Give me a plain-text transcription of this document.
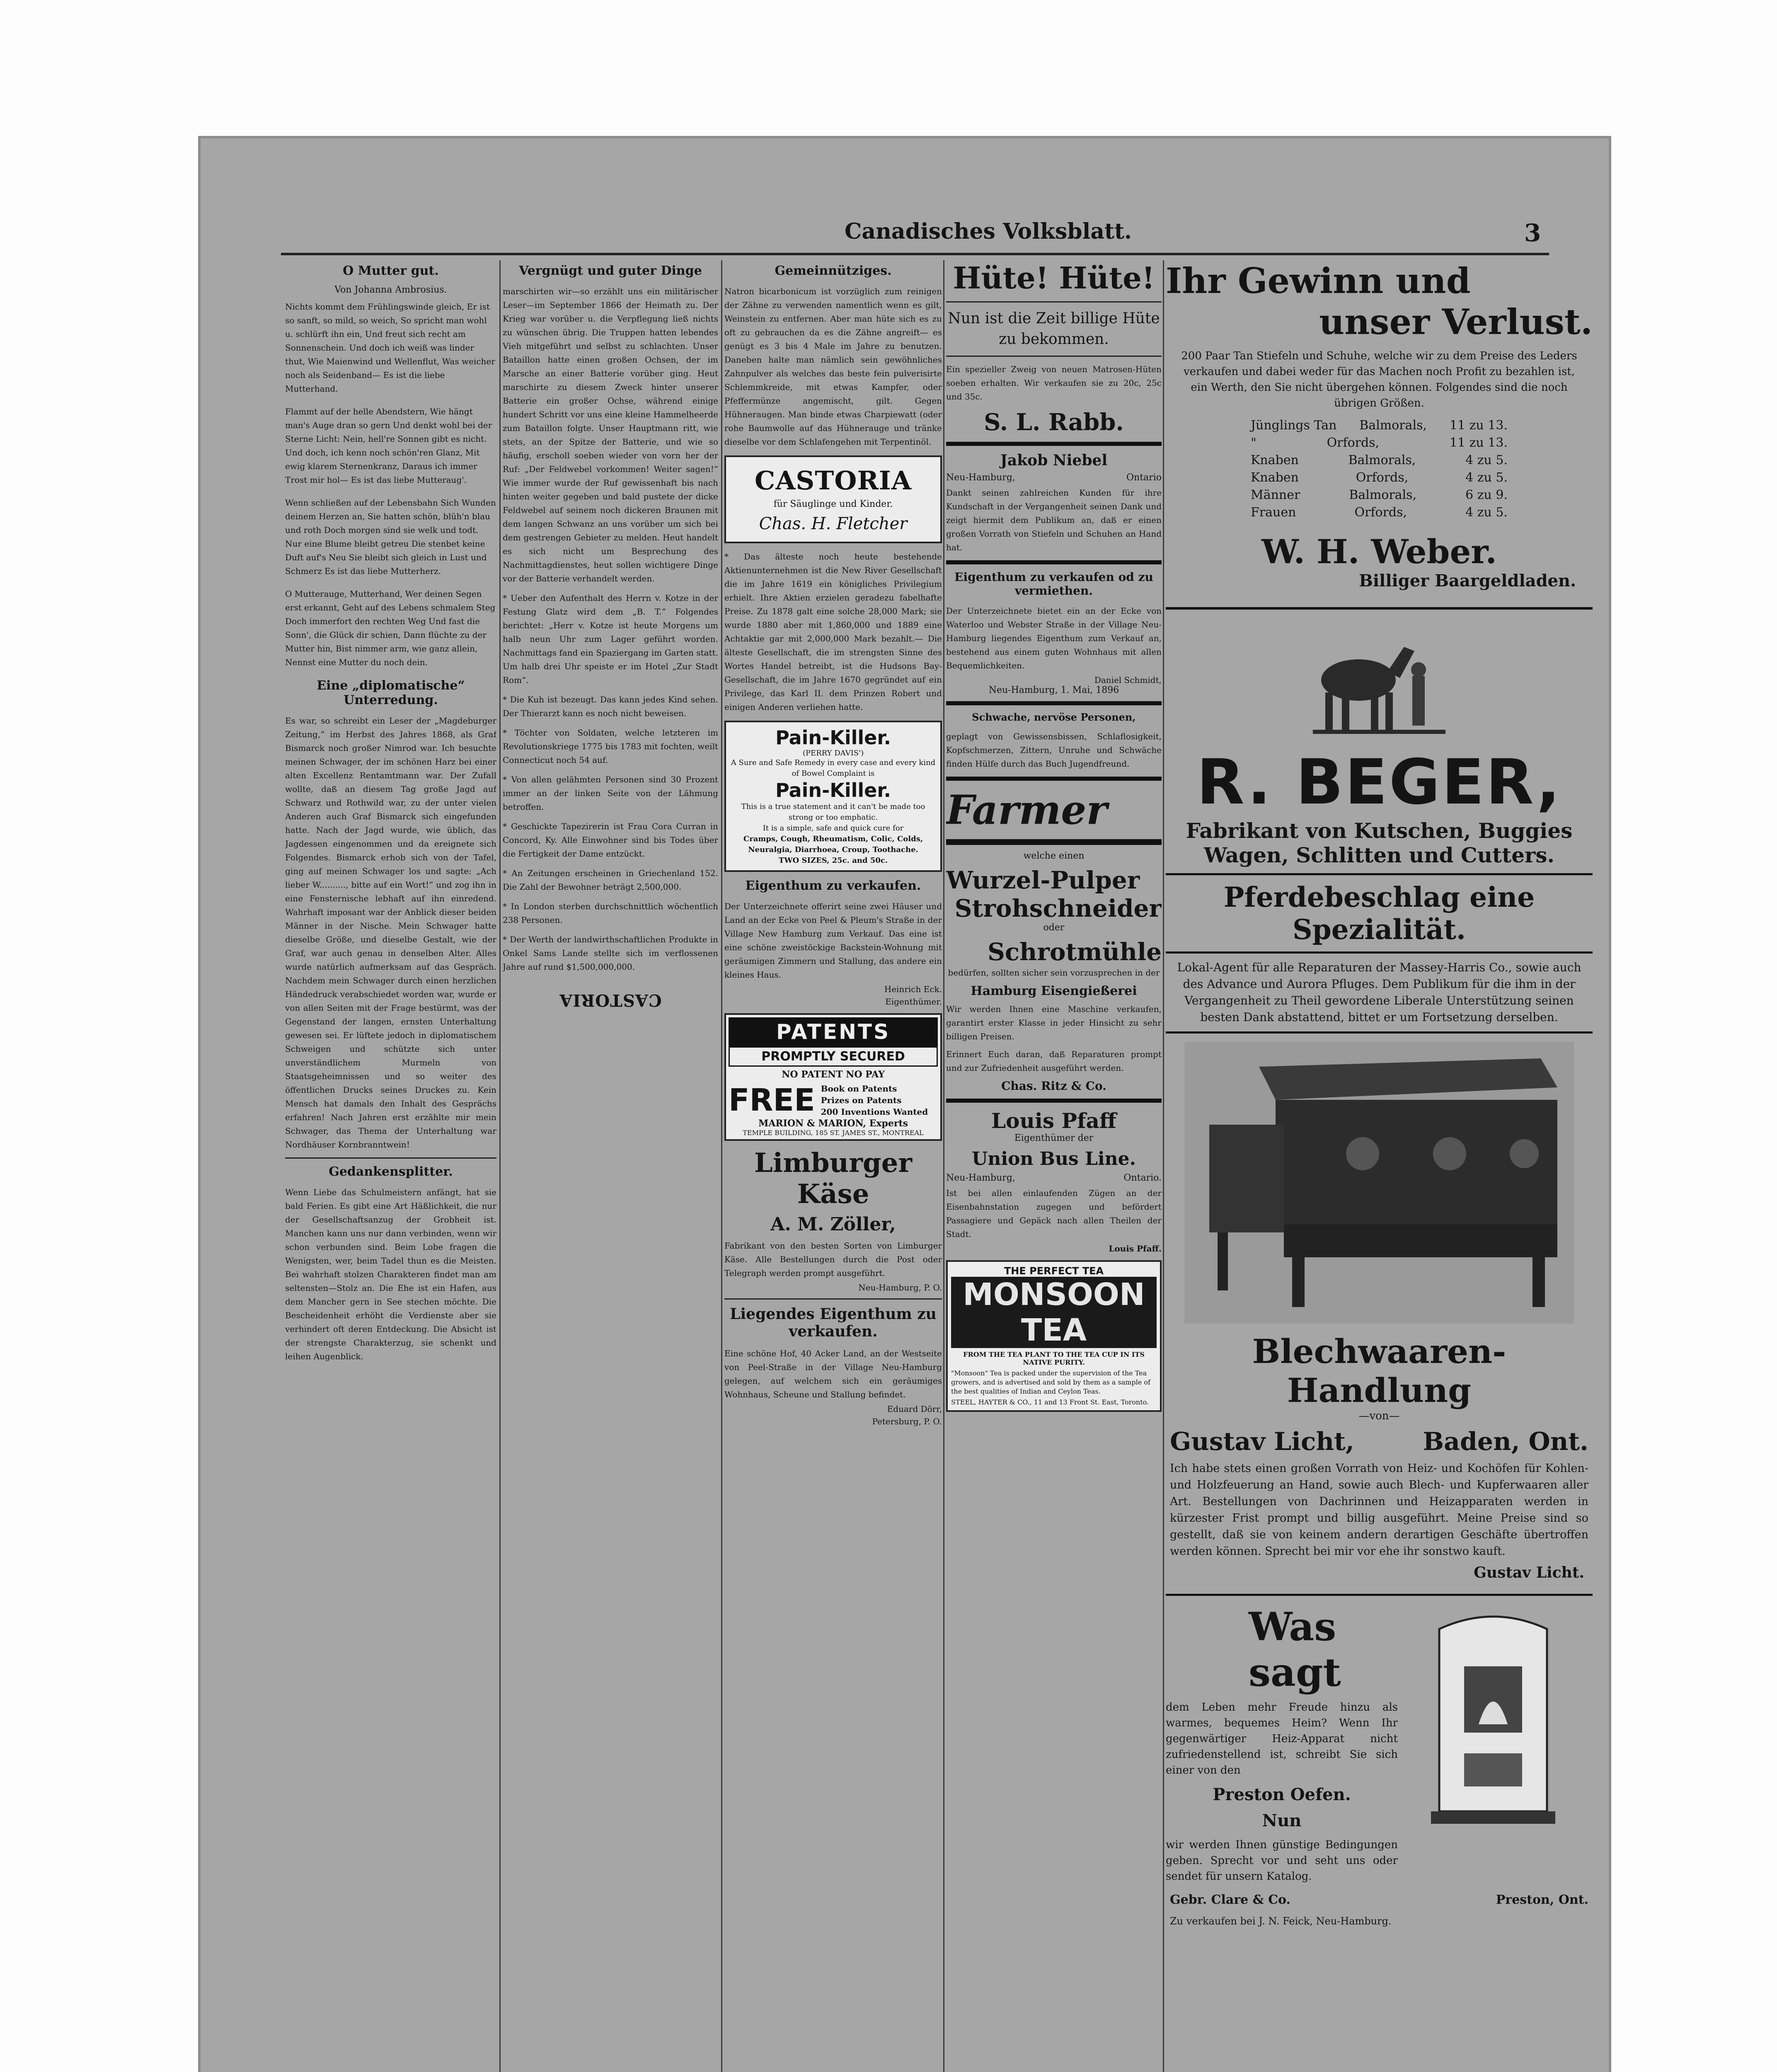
Canadisches Volksblatt.	3
O Mutter gut.
Von Johanna Ambrosius.
Nichts kommt dem Frühlingswinde gleich, Er ist so sanft, so mild, so weich, So spricht man wohl u. schlürft ihn ein, Und freut sich recht am Sonnenschein. Und doch ich weiß was linder thut, Wie Maienwind und Wellenflut, Was weicher noch als Seidenband— Es ist die liebe Mutterhand.
Flammt auf der helle Abendstern, Wie hängt man's Auge dran so gern Und denkt wohl bei der Sterne Licht: Nein, hell're Sonnen gibt es nicht. Und doch, ich kenn noch schön'ren Glanz, Mit ewig klarem Sternenkranz, Daraus ich immer Trost mir hol— Es ist das liebe Mutteraug'.
Wenn schließen auf der Lebensbahn Sich Wunden deinem Herzen an, Sie hatten schön, blüh'n blau und roth Doch morgen sind sie welk und todt. Nur eine Blume bleibt getreu Die stenbet keine Duft auf's Neu Sie bleibt sich gleich in Lust und Schmerz Es ist das liebe Mutterherz.
O Mutterauge, Mutterhand, Wer deinen Segen erst erkannt, Geht auf des Lebens schmalem Steg Doch immerfort den rechten Weg Und fast die Sonn', die Glück dir schien, Dann flüchte zu der Mutter hin, Bist nimmer arm, wie ganz allein, Nennst eine Mutter du noch dein.
Eine „diplomatische“ Unterredung.
Es war, so schreibt ein Leser der „Magdeburger Zeitung,“ im Herbst des Jahres 1868, als Graf Bismarck noch großer Nimrod war. Ich besuchte meinen Schwager, der im schönen Harz bei einer alten Excellenz Rentamtmann war. Der Zufall wollte, daß an diesem Tag große Jagd auf Schwarz und Rothwild war, zu der unter vielen Anderen auch Graf Bismarck sich eingefunden hatte. Nach der Jagd wurde, wie üblich, das Jagdessen eingenommen und da ereignete sich Folgendes. Bismarck erhob sich von der Tafel, ging auf meinen Schwager los und sagte: „Ach lieber W.........., bitte auf ein Wort!“ und zog ihn in eine Fensternische lebhaft auf ihn einredend. Wahrhaft imposant war der Anblick dieser beiden Männer in der Nische. Mein Schwager hatte dieselbe Größe, und dieselbe Gestalt, wie der Graf, war auch genau in denselben Alter. Alles wurde natürlich aufmerksam auf das Gespräch. Nachdem mein Schwager durch einen herzlichen Händedruck verabschiedet worden war, wurde er von allen Seiten mit der Frage bestürmt, was der Gegenstand der langen, ernsten Unterhaltung gewesen sei. Er lüftete jedoch in diplomatischem Schweigen und schützte sich unter unverständlichem Murmeln von Staatsgeheimnissen und so weiter des öffentlichen Drucks seines Druckes zu. Kein Mensch hat damals den Inhalt des Gesprächs erfahren! Nach Jahren erst erzählte mir mein Schwager, das Thema der Unterhaltung war Nordhäuser Kornbranntwein!
Gedankensplitter.
Wenn Liebe das Schulmeistern anfängt, hat sie bald Ferien. Es gibt eine Art Häßlichkeit, die nur der Gesellschaftsanzug der Grobheit ist. Manchen kann uns nur dann verbinden, wenn wir schon verbunden sind. Beim Lobe fragen die Wenigsten, wer, beim Tadel thun es die Meisten. Bei wahrhaft stolzen Charakteren findet man am seltensten—Stolz an. Die Ehe ist ein Hafen, aus dem Mancher gern in See stechen möchte. Die Bescheidenheit erhöht die Verdienste aber sie verhindert oft deren Entdeckung. Die Absicht ist der strengste Charakterzug, sie schenkt und leihen Augenblick.
Vergnügt und guter Dinge
marschirten wir—so erzählt uns ein militärischer Leser—im September 1866 der Heimath zu. Der Krieg war vorüber u. die Verpflegung ließ nichts zu wünschen übrig. Die Truppen hatten lebendes Vieh mitgeführt und selbst zu schlachten. Unser Bataillon hatte einen großen Ochsen, der im Marsche an einer Batterie vorüber ging. Heut marschirte zu diesem Zweck hinter unserer Batterie ein großer Ochse, während einige hundert Schritt vor uns eine kleine Hammelheerde zum Bataillon folgte. Unser Hauptmann ritt, wie stets, an der Spitze der Batterie, und wie so häufig, erscholl soeben wieder von vorn her der Ruf: „Der Feldwebel vorkommen! Weiter sagen!“ Wie immer wurde der Ruf gewissenhaft bis nach hinten weiter gegeben und bald pustete der dicke Feldwebel auf seinem noch dickeren Braunen mit dem langen Schwanz an uns vorüber um sich bei dem gestrengen Gebieter zu melden. Heut handelt es sich nicht um Besprechung des Nachmittagdienstes, heut sollen wichtigere Dinge vor der Batterie verhandelt werden.
* Ueber den Aufenthalt des Herrn v. Kotze in der Festung Glatz wird dem „B. T.“ Folgendes berichtet: „Herr v. Kotze ist heute Morgens um halb neun Uhr zum Lager geführt worden. Nachmittags fand ein Spaziergang im Garten statt. Um halb drei Uhr speiste er im Hotel „Zur Stadt Rom“.
* Die Kuh ist bezeugt. Das kann jedes Kind sehen. Der Thierarzt kann es noch nicht beweisen.
* Töchter von Soldaten, welche letzteren im Revolutionskriege 1775 bis 1783 mit fochten, weilt Connecticut noch 54 auf.
* Von allen gelähmten Personen sind 30 Prozent immer an der linken Seite von der Lähmung betroffen.
* Geschickte Tapezirerin ist Frau Cora Curran in Concord, Ky. Alle Einwohner sind bis Todes über die Fertigkeit der Dame entzückt.
* An Zeitungen erscheinen in Griechenland 152. Die Zahl der Bewohner beträgt 2,500,000.
* In London sterben durchschnittlich wöchentlich 238 Personen.
* Der Werth der landwirthschaftlichen Produkte in Onkel Sams Lande stellte sich im verflossenen Jahre auf rund $1,500,000,000.
CASTORIA
Gemeinnütziges.
Natron bicarbonicum ist vorzüglich zum reinigen der Zähne zu verwenden namentlich wenn es gilt, Weinstein zu entfernen. Aber man hüte sich es zu oft zu gebrauchen da es die Zähne angreift— es genügt es 3 bis 4 Male im Jahre zu benutzen. Daneben halte man nämlich sein gewöhnliches Zahnpulver als welches das beste fein pulverisirte Schlemmkreide, mit etwas Kampfer, oder Pfeffermünze angemischt, gilt. Gegen Hühneraugen. Man binde etwas Charpiewatt (oder rohe Baumwolle auf das Hühnerauge und tränke dieselbe vor dem Schlafengehen mit Terpentinöl.
CASTORIA
für Säuglinge und Kinder.
Chas. H. Fletcher
* Das älteste noch heute bestehende Aktienunternehmen ist die New River Gesellschaft die im Jahre 1619 ein königliches Privilegium erhielt. Ihre Aktien erzielen geradezu fabelhafte Preise. Zu 1878 galt eine solche 28,000 Mark; sie wurde 1880 aber mit 1,860,000 und 1889 eine Achtaktie gar mit 2,000,000 Mark bezahlt.— Die älteste Gesellschaft, die im strengsten Sinne des Wortes Handel betreibt, ist die Hudsons Bay-Gesellschaft, die im Jahre 1670 gegründet auf ein Privilege, das Karl II. dem Prinzen Robert und einigen Anderen verliehen hatte.
Pain-Killer.
(PERRY DAVIS')
A Sure and Safe Remedy in every case and every kind of Bowel Complaint is
Pain-Killer.
This is a true statement and it can't be made too strong or too emphatic.
It is a simple, safe and quick cure for
Cramps, Cough, Rheumatism, Colic, Colds, Neuralgia, Diarrhoea, Croup, Toothache.
TWO SIZES, 25c. and 50c.
Eigenthum zu verkaufen.
Der Unterzeichnete offerirt seine zwei Häuser und Land an der Ecke von Peel & Pleum's Straße in der Village New Hamburg zum Verkauf. Das eine ist eine schöne zweistöckige Backstein-Wohnung mit geräumigen Zimmern und Stallung, das andere ein kleines Haus.
Heinrich Eck.
Eigenthümer.
PATENTS
PROMPTLY SECURED
NO PATENT NO PAY
FREE Book on Patents
Prizes on Patents
200 Inventions Wanted
MARION & MARION, Experts
TEMPLE BUILDING, 185 ST. JAMES ST., MONTREAL
Limburger Käse
A. M. Zöller,
Fabrikant von den besten Sorten von Limburger Käse. Alle Bestellungen durch die Post oder Telegraph werden prompt ausgeführt.
Neu-Hamburg, P. O.
Liegendes Eigenthum zu verkaufen.
Eine schöne Hof, 40 Acker Land, an der Westseite von Peel-Straße in der Village Neu-Hamburg gelegen, auf welchem sich ein geräumiges Wohnhaus, Scheune und Stallung befindet.
Eduard Dörr,
Petersburg, P. O.
Hüte! Hüte!
Nun ist die Zeit billige Hüte zu bekommen.
Ein spezieller Zweig von neuen Matrosen-Hüten soeben erhalten. Wir verkaufen sie zu 20c, 25c und 35c.
S. L. Rabb.
Jakob Niebel
Neu-Hamburg,	Ontario
Dankt seinen zahlreichen Kunden für ihre Kundschaft in der Vergangenheit seinen Dank und zeigt hiermit dem Publikum an, daß er einen großen Vorrath von Stiefeln und Schuhen an Hand hat.
Eigenthum zu verkaufen od zu vermiethen.
Der Unterzeichnete bietet ein an der Ecke von Waterloo und Webster Straße in der Village Neu-Hamburg liegendes Eigenthum zum Verkauf an, bestehend aus einem guten Wohnhaus mit allen Bequemlichkeiten.
Daniel Schmidt,
Neu-Hamburg, 1. Mai, 1896
Schwache, nervöse Personen,
geplagt von Gewissensbissen, Schlaflosigkeit, Kopfschmerzen, Zittern, Unruhe und Schwäche finden Hülfe durch das Buch Jugendfreund.
Farmer
welche einen
Wurzel-Pulper
Strohschneider
oder
Schrotmühle
bedürfen, sollten sicher sein vorzusprechen in der
Hamburg Eisengießerei
Wir werden Ihnen eine Maschine verkaufen, garantirt erster Klasse in jeder Hinsicht zu sehr billigen Preisen.
Erinnert Euch daran, daß Reparaturen prompt und zur Zufriedenheit ausgeführt werden.
Chas. Ritz & Co.
Louis Pfaff
Eigenthümer der
Union Bus Line.
Neu-Hamburg,	Ontario.
Ist bei allen einlaufenden Zügen an der Eisenbahnstation zugegen und befördert Passagiere und Gepäck nach allen Theilen der Stadt.
Louis Pfaff.
THE PERFECT TEA
MONSOON
TEA
FROM THE TEA PLANT TO THE TEA CUP IN ITS NATIVE PURITY.
"Monsoon" Tea is packed under the supervision of the Tea growers, and is advertised and sold by them as a sample of the best qualities of Indian and Ceylon Teas.
STEEL, HAYTER & CO., 11 and 13 Front St. East, Toronto.
Ihr Gewinn und
unser Verlust.
200 Paar Tan Stiefeln und Schuhe, welche wir zu dem Preise des Leders verkaufen und dabei weder für das Machen noch Profit zu bezahlen ist, ein Werth, den Sie nicht übergehen können. Folgendes sind die noch übrigen Größen.
Jünglings Tan Balmorals, 11 zu 13.
"	Orfords,	11 zu 13.
Knaben	Balmorals,	4 zu 5.
Knaben	Orfords,	4 zu 5.
Männer	Balmorals,	6 zu 9.
Frauen	Orfords,	4 zu 5.
W. H. Weber.
Billiger Baargeldladen.
R. BEGER,
Fabrikant von Kutschen, Buggies
Wagen, Schlitten und Cutters.
Pferdebeschlag eine Spezialität.
Lokal-Agent für alle Reparaturen der Massey-Harris Co., sowie auch des Advance und Aurora Pfluges. Dem Publikum für die ihm in der Vergangenheit zu Theil gewordene Liberale Unterstützung seinen besten Dank abstattend, bittet er um Fortsetzung derselben.
Blechwaaren-Handlung
—von—
Gustav Licht,	Baden, Ont.
Ich habe stets einen großen Vorrath von Heiz- und Kochöfen für Kohlen- und Holzfeuerung an Hand, sowie auch Blech- und Kupferwaaren aller Art. Bestellungen von Dachrinnen und Heizapparaten werden in kürzester Frist prompt und billig ausgeführt. Meine Preise sind so gestellt, daß sie von keinem andern derartigen Geschäfte übertroffen werden können. Sprecht bei mir vor ehe ihr sonstwo kauft.
Gustav Licht.
Was sagt
dem Leben mehr Freude hinzu als warmes, bequemes Heim? Wenn Ihr gegenwärtiger Heiz-Apparat nicht zufriedenstellend ist, schreibt Sie sich einer von den
Preston Oefen.
Nun
wir werden Ihnen günstige Bedingungen geben. Sprecht vor und seht uns oder sendet für unsern Katalog.
Gebr. Clare & Co.	Preston, Ont.
Zu verkaufen bei J. N. Feick, Neu-Hamburg.
